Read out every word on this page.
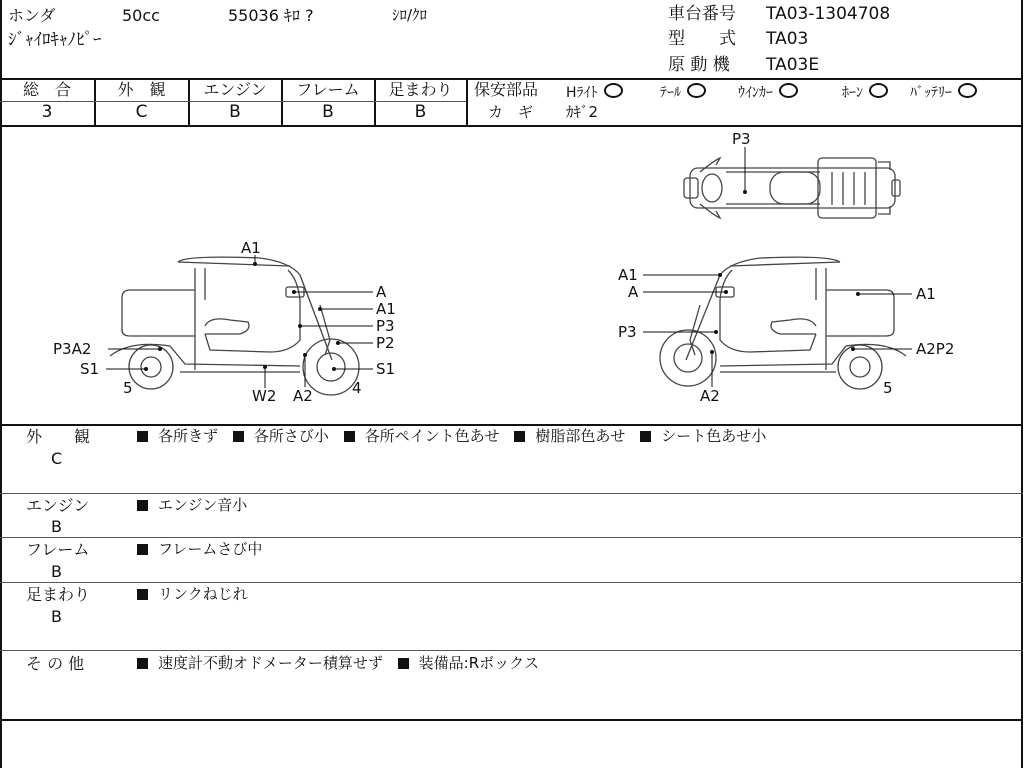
ホンダ	50cc	55036 ｷﾛ ?	ｼﾛ/ｸﾛ
ｼﾞｬｲﾛｷｬﾉﾋﾟｰ
車台番号 TA03-1304708
型　　式 TA03
原 動 機 TA03E
総　合	外　観	エンジン	フレーム	足まわり
3	C	B	B	B
保安部品 Hﾗｲﾄ	ﾃｰﾙ	ｳｲﾝｶｰ	ﾎｰﾝ	ﾊﾞｯﾃﾘｰ
カ　ギ ｶｷﾞ2
P3
A1
A
A1
P3
P2
S1
P3A2
S1
5	W2 A2	4
A1
A
P3
A1
A2P2
A2	5
外　　観
C
各所きず 各所さび小 各所ペイント色あせ 樹脂部色あせ シート色あせ小
エンジン
B
エンジン音小
フレーム
B
フレームさび中
足まわり
B
リンクねじれ
そ の 他	速度計不動オドメーター積算せず 装備品:Rボックス
